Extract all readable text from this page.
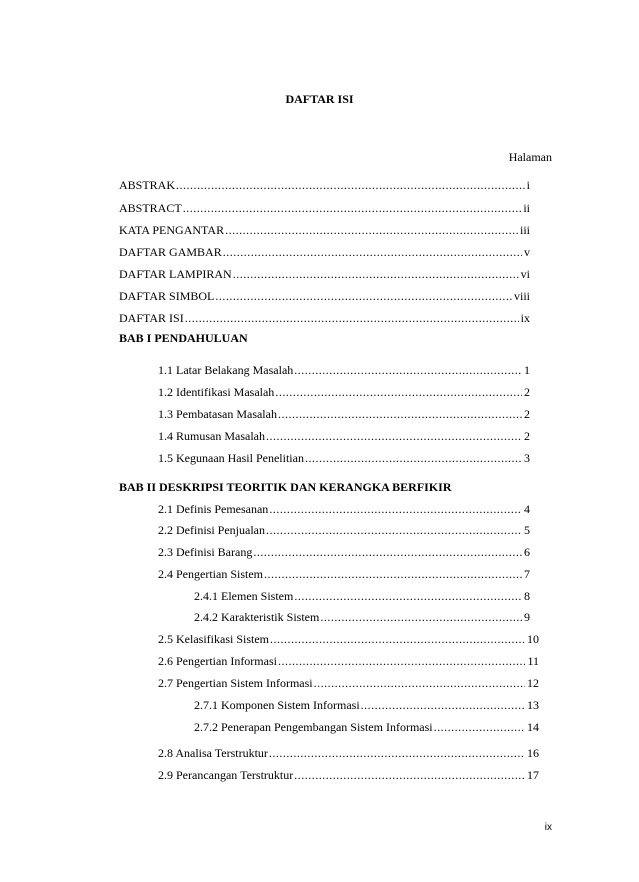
DAFTAR ISI
Halaman
ABSTRAK .....	i
ABSTRACT .....	ii
KATA PENGANTAR .....	iii
DAFTAR GAMBAR .....	v
DAFTAR LAMPIRAN .....	vi
DAFTAR SIMBOL .....	viii
DAFTAR ISI .....	ix
BAB I PENDAHULUAN
1.1 Latar Belakang Masalah .....	1
1.2 Identifikasi Masalah .....	2
1.3 Pembatasan Masalah .....	2
1.4 Rumusan Masalah .....	2
1.5 Kegunaan Hasil Penelitian .....	3
BAB II DESKRIPSI TEORITIK DAN KERANGKA BERFIKIR
2.1 Definis Pemesanan .....	4
2.2 Definisi Penjualan .....	5
2.3 Definisi Barang .....	6
2.4 Pengertian Sistem .....	7
2.4.1 Elemen Sistem .....	8
2.4.2 Karakteristik Sistem .....	9
2.5 Kelasifikasi Sistem .....	10
2.6 Pengertian Informasi .....	11
2.7 Pengertian Sistem Informasi .....	12
2.7.1 Komponen Sistem Informasi .....	13
2.7.2 Penerapan Pengembangan Sistem Informasi .....	14
2.8 Analisa Terstruktur .....	16
2.9 Perancangan Terstruktur .....	17
ix
